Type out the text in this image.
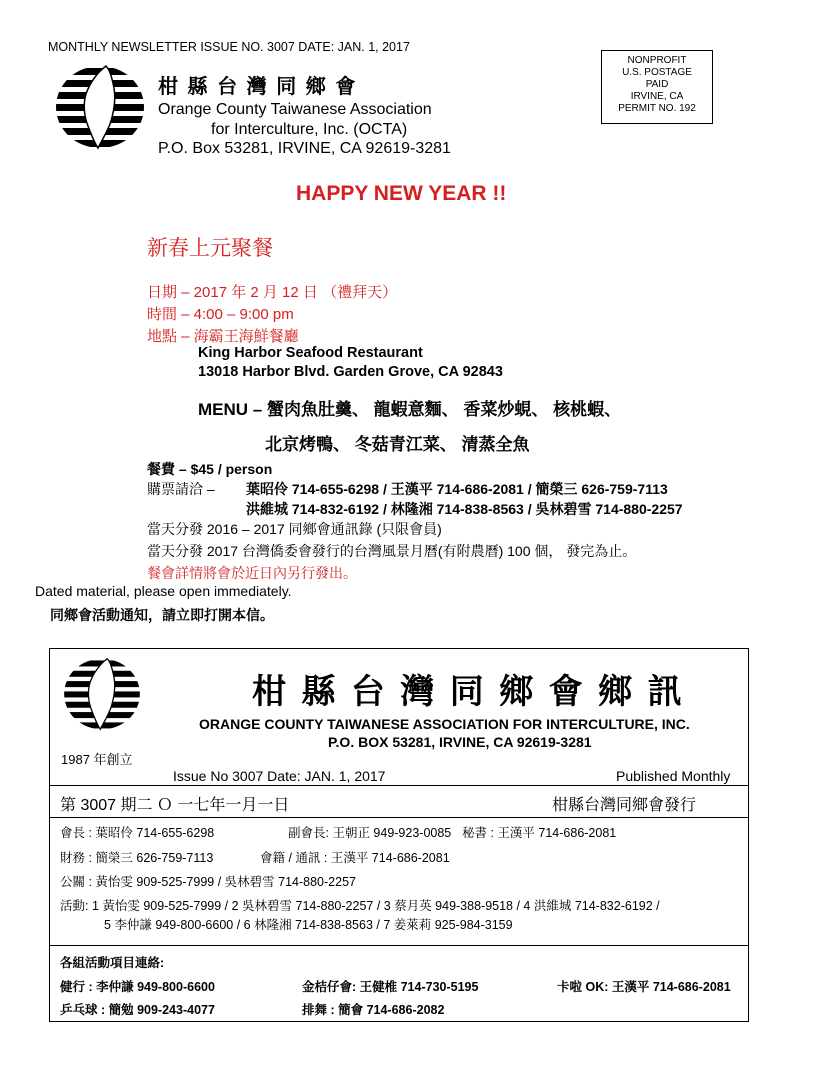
MONTHLY NEWSLETTER ISSUE NO. 3007 DATE: JAN. 1, 2017
柑 縣 台 灣 同 鄉 會
Orange County Taiwanese Association
for Interculture, Inc. (OCTA)
P.O. Box 53281, IRVINE, CA 92619-3281
NONPROFIT
U.S. POSTAGE
PAID
IRVINE, CA
PERMIT NO. 192
HAPPY NEW YEAR !!
新春上元聚餐
日期 – 2017 年 2 月 12 日 （禮拜天）
時間 – 4:00 – 9:00 pm
地點 – 海霸王海鮮餐廳
King Harbor Seafood Restaurant
13018 Harbor Blvd. Garden Grove, CA 92843
MENU – 蟹肉魚肚羹、 龍蝦意麵、 香菜炒蜆、 核桃蝦、
北京烤鴨、 冬菇青江菜、 清蒸全魚
餐費 – $45 / person
購票請洽 – 葉昭伶 714-655-6298 / 王漢平 714-686-2081 / 簡榮三 626-759-7113
洪維城 714-832-6192 / 林隆湘 714-838-8563 / 吳林碧雪 714-880-2257
當天分發 2016 – 2017 同鄉會通訊錄 (只限會員)
當天分發 2017 台灣僑委會發行的台灣風景月曆(有附農曆) 100 個， 發完為止。
餐會詳情將會於近日內另行發出。
Dated material, please open immediately.
同鄉會活動通知，請立即打開本信。
柑 縣 台 灣 同 鄉 會 鄉 訊
ORANGE COUNTY TAIWANESE ASSOCIATION FOR INTERCULTURE, INC.
P.O. BOX 53281, IRVINE, CA 92619-3281
1987 年創立
Issue No 3007 Date: JAN. 1, 2017	Published Monthly
第 3007 期二 Ｏ 一七年一月一日	柑縣台灣同鄉會發行
會長 : 葉昭伶 714-655-6298	副會長: 王朝正 949-923-0085 秘書 : 王漢平 714-686-2081
財務 : 簡榮三 626-759-7113	會籍 / 通訊 : 王漢平 714-686-2081
公關 : 黃怡雯 909-525-7999 / 吳林碧雪 714-880-2257
活動: 1 黃怡雯 909-525-7999 / 2 吳林碧雪 714-880-2257 / 3 蔡月英 949-388-9518 / 4 洪維城 714-832-6192 /
5 李仲謙 949-800-6600 / 6 林隆湘 714-838-8563 / 7 姜萊莉 925-984-3159
各組活動項目連絡:
健行 : 李仲謙 949-800-6600	金桔仔會: 王健椎 714-730-5195	卡啦 OK: 王漢平 714-686-2081
乒乓球 : 簡勉 909-243-4077	排舞 : 簡會 714-686-2082
